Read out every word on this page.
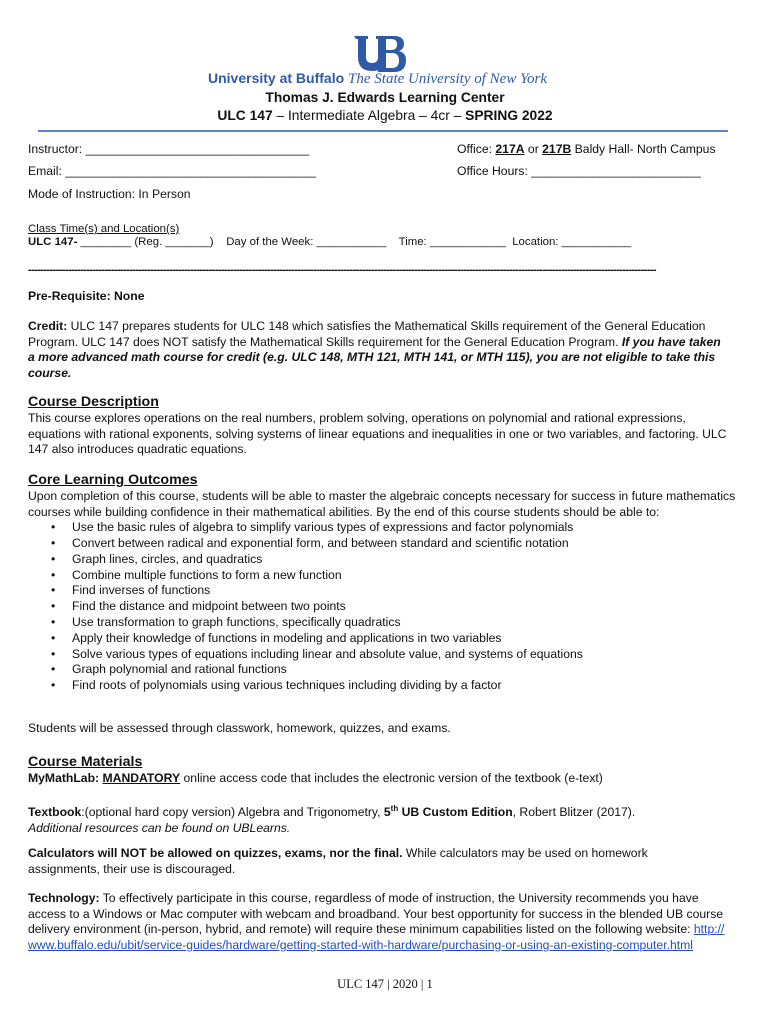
University at Buffalo The State University of New York
Thomas J. Edwards Learning Center
ULC 147 – Intermediate Algebra – 4cr – SPRING 2022
Instructor: _________________________________	Office: 217A or 217B Baldy Hall- North Campus
Email: _____________________________________	Office Hours: _________________________
Mode of Instruction: In Person
Class Time(s) and Location(s)
ULC 147- ________ (Reg. _______)    Day of the Week: ___________    Time: ____________  Location: ___________
-------------------------------------------------------------------------------------------------------------------------------------------------------------------------------------------------------------
Pre-Requisite: None

Credit: ULC 147 prepares students for ULC 148 which satisfies the Mathematical Skills requirement of the General Education Program. ULC 147 does NOT satisfy the Mathematical Skills requirement for the General Education Program. If you have taken a more advanced math course for credit (e.g. ULC 148, MTH 121, MTH 141, or MTH 115), you are not eligible to take this course.

Course Description

This course explores operations on the real numbers, problem solving, operations on polynomial and rational expressions, equations with rational exponents, solving systems of linear equations and inequalities in one or two variables, and factoring. ULC 147 also introduces quadratic equations.

Core Learning Outcomes

Upon completion of this course, students will be able to master the algebraic concepts necessary for success in future mathematics courses while building confidence in their mathematical abilities. By the end of this course students should be able to:

• Use the basic rules of algebra to simplify various types of expressions and factor polynomials
• Convert between radical and exponential form, and between standard and scientific notation
• Graph lines, circles, and quadratics
• Combine multiple functions to form a new function
• Find inverses of functions
• Find the distance and midpoint between two points
• Use transformation to graph functions, specifically quadratics
• Apply their knowledge of functions in modeling and applications in two variables
• Solve various types of equations including linear and absolute value, and systems of equations
• Graph polynomial and rational functions
• Find roots of polynomials using various techniques including dividing by a factor
Students will be assessed through classwork, homework, quizzes, and exams.
Course Materials

MyMathLab: MANDATORY online access code that includes the electronic version of the textbook (e-text)

Textbook:(optional hard copy version) Algebra and Trigonometry, 5th UB Custom Edition, Robert Blitzer (2017).

Additional resources can be found on UBLearns.

Calculators will NOT be allowed on quizzes, exams, nor the final. While calculators may be used on homework assignments, their use is discouraged.

Technology: To effectively participate in this course, regardless of mode of instruction, the University recommends you have access to a Windows or Mac computer with webcam and broadband. Your best opportunity for success in the blended UB course delivery environment (in-person, hybrid, and remote) will require these minimum capabilities listed on the following website: http://www.buffalo.edu/ubit/service-guides/hardware/getting-started-with-hardware/purchasing-or-using-an-existing-computer.html

ULC 147 | 2020 | 1
